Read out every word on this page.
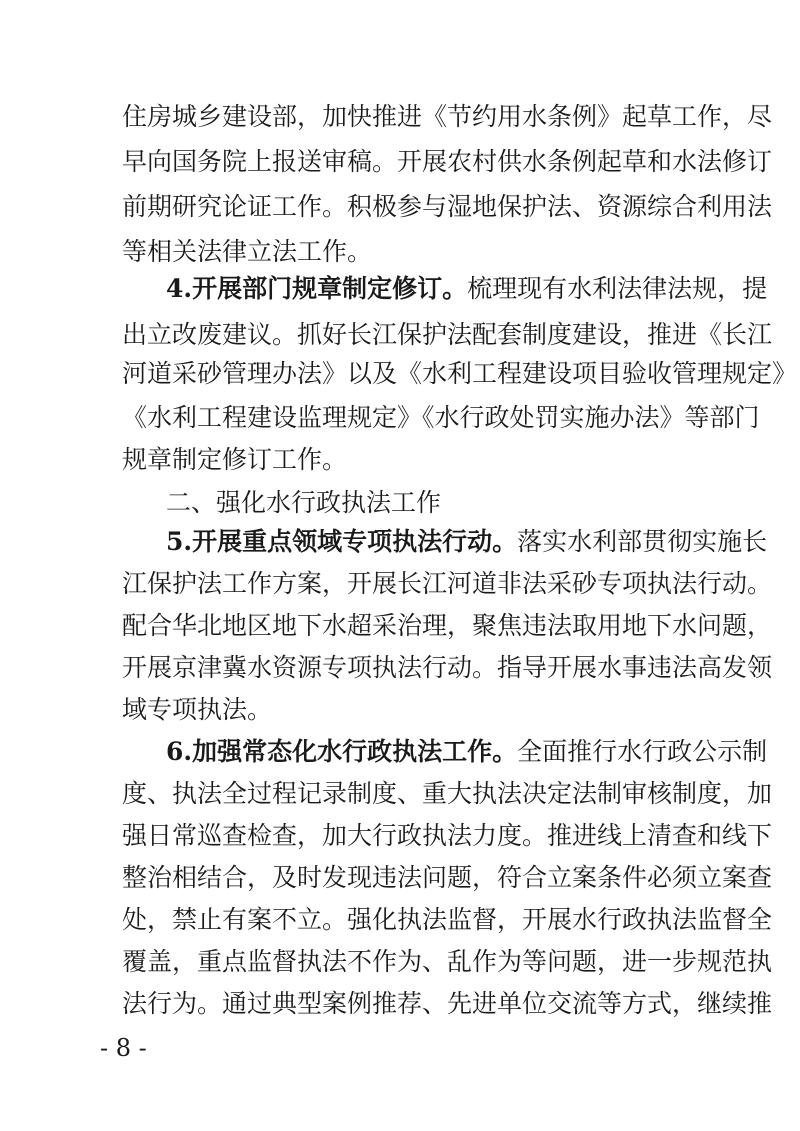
住房城乡建设部，加快推进《节约用水条例》起草工作，尽
早向国务院上报送审稿。开展农村供水条例起草和水法修订
前期研究论证工作。积极参与湿地保护法、资源综合利用法
等相关法律立法工作。
4.开展部门规章制定修订。梳理现有水利法律法规，提
出立改废建议。抓好长江保护法配套制度建设，推进《长江
河道采砂管理办法》以及《水利工程建设项目验收管理规定》
《水利工程建设监理规定》《水行政处罚实施办法》等部门
规章制定修订工作。
二、强化水行政执法工作
5.开展重点领域专项执法行动。落实水利部贯彻实施长
江保护法工作方案，开展长江河道非法采砂专项执法行动。
配合华北地区地下水超采治理，聚焦违法取用地下水问题，
开展京津冀水资源专项执法行动。指导开展水事违法高发领
域专项执法。
6.加强常态化水行政执法工作。全面推行水行政公示制
度、执法全过程记录制度、重大执法决定法制审核制度，加
强日常巡查检查，加大行政执法力度。推进线上清查和线下
整治相结合，及时发现违法问题，符合立案条件必须立案查
处，禁止有案不立。强化执法监督，开展水行政执法监督全
覆盖，重点监督执法不作为、乱作为等问题，进一步规范执
法行为。通过典型案例推荐、先进单位交流等方式，继续推
- 8 -
